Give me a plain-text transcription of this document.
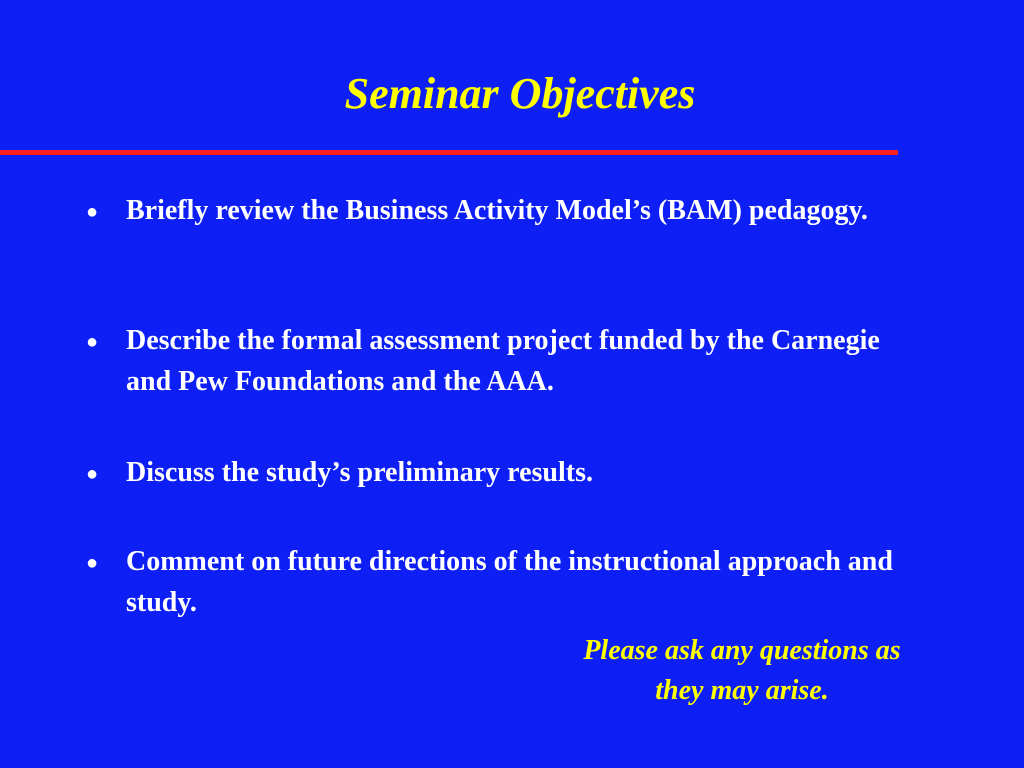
Seminar Objectives
● Briefly review the Business Activity Model’s (BAM) pedagogy.
● Describe the formal assessment project funded by the Carnegie and Pew Foundations and the AAA.
● Discuss the study’s preliminary results.
● Comment on future directions of the instructional approach and study.
Please ask any questions as
they may arise.
